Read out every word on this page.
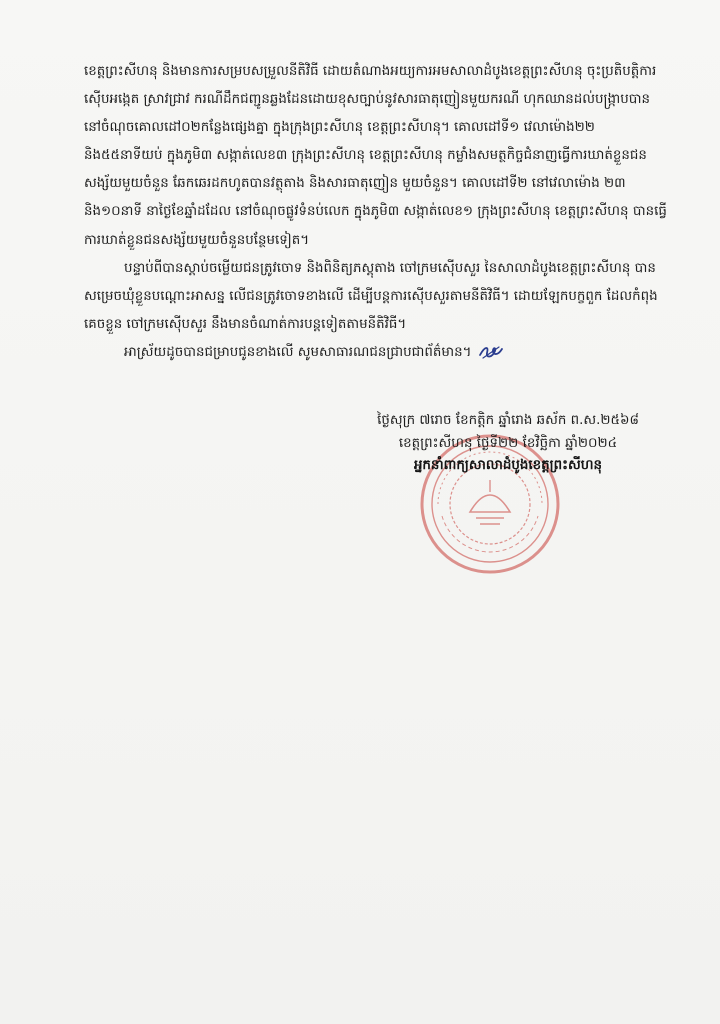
ខេត្តព្រះសីហនុ និងមានការសម្របសម្រួលនីតិវិធី ដោយតំណាងអយ្យការអមសាលាដំបូងខេត្តព្រះសីហនុ ចុះប្រតិបត្តិការស៊ើបអង្កេត ស្រាវជ្រាវ ករណីដឹកជញ្ជូនឆ្លងដែនដោយខុសច្បាប់នូវសារធាតុញៀនមួយករណី ហុកឈានដល់បង្ក្រាបបាន នៅចំណុចគោលដៅ០២កន្លែងផ្សេងគ្នា ក្នុងក្រុងព្រះសីហនុ ខេត្តព្រះសីហនុ។ គោលដៅទី១ វេលាម៉ោង២២ និង៥៥នាទីយប់ ក្នុងភូមិ៣ សង្កាត់លេខ៣ ក្រុងព្រះសីហនុ ខេត្តព្រះសីហនុ កម្លាំងសមត្ថកិច្ចជំនាញធ្វើការឃាត់ខ្លួនជនសង្ស័យមួយចំនួន ឆែកឆេរដកហូតបានវត្ថុតាង និងសារធាតុញៀន មួយចំនួន។ គោលដៅទី២ នៅវេលាម៉ោង ២៣ និង១០នាទី នាថ្ងៃខែឆ្នាំដដែល នៅចំណុចផ្លូវទំនប់លេក ក្នុងភូមិ៣ សង្កាត់លេខ១ ក្រុងព្រះសីហនុ ខេត្តព្រះសីហនុ បានធ្វើការឃាត់ខ្លួនជនសង្ស័យមួយចំនួនបន្ថែមទៀត។

បន្ទាប់ពីបានស្តាប់ចម្លើយជនត្រូវចោទ និងពិនិត្យភស្តុតាង ចៅក្រមស៊ើបសួរ នៃសាលាដំបូងខេត្តព្រះសីហនុ បានសម្រេចឃុំខ្លួនបណ្តោះអាសន្ន លើជនត្រូវចោទខាងលើ ដើម្បីបន្តការស៊ើបសួរតាមនីតិវិធី។ ដោយឡែកបក្ខពួក ដែលកំពុងគេចខ្លួន ចៅក្រមស៊ើបសួរ នឹងមានចំណាត់ការបន្តទៀតតាមនីតិវិធី។

អាស្រ័យដូចបានជម្រាបជូនខាងលើ សូមសាធារណជនជ្រាបជាព័ត៌មាន។

ថ្ងៃសុក្រ ៧រោច ខែកត្តិក ឆ្នាំរោង ឆស័ក ព.ស.២៥៦៨
ខេត្តព្រះសីហនុ ថ្ងៃទី២២ ខែវិច្ឆិកា ឆ្នាំ២០២៤
អ្នកនាំពាក្យសាលាដំបូងខេត្តព្រះសីហនុ
